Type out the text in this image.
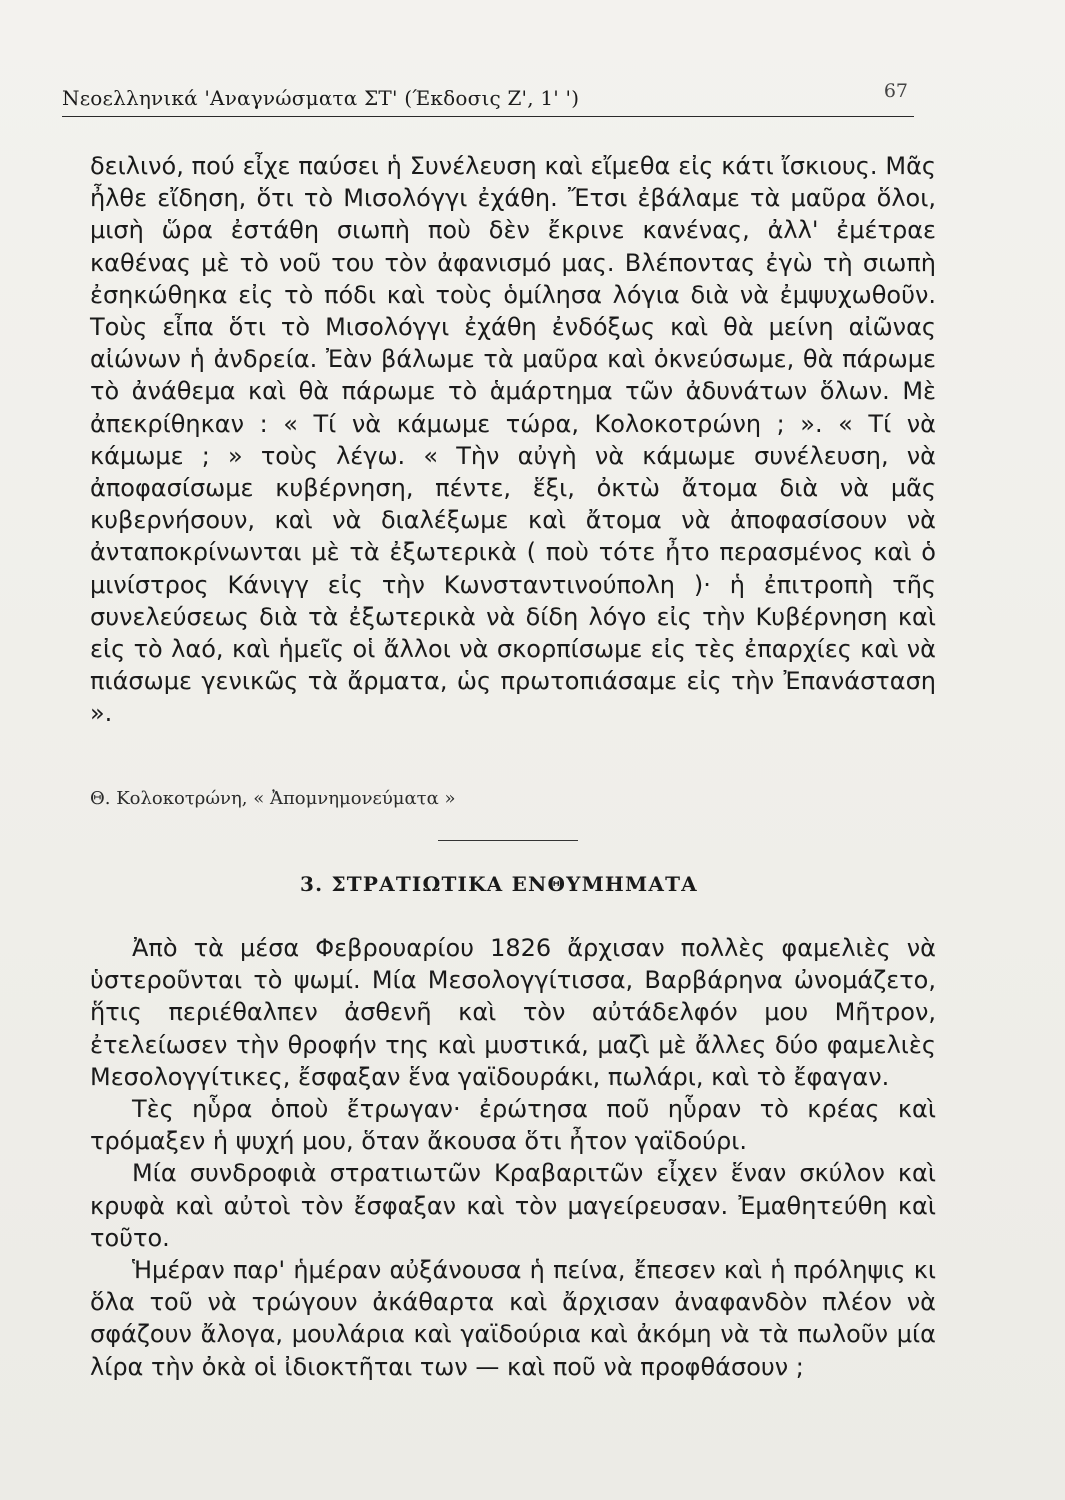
Νεοελληνικά 'Αναγνώσματα ΣΤ' (Έκδοσις Ζ', 1' ')	67

δειλινό, πού εἶχε παύσει ἡ Συνέλευση καὶ εἴμεθα εἰς κάτι ἴσκιους. Μᾶς ἦλθε εἴδηση, ὅτι τὸ Μισολόγγι ἐχάθη. Ἔτσι ἐβάλαμε τὰ μαῦρα ὅλοι, μισὴ ὥρα ἐστάθη σιωπὴ ποὺ δὲν ἔκρινε κανένας, ἀλλ' ἐμέτραε καθένας μὲ τὸ νοῦ του τὸν ἀφανισμό μας. Βλέποντας ἐγὼ τὴ σιωπὴ ἐσηκώθηκα εἰς τὸ πόδι καὶ τοὺς ὁμίλησα λόγια διὰ νὰ ἐμψυχωθοῦν. Τοὺς εἶπα ὅτι τὸ Μισολόγγι ἐχάθη ἐνδόξως καὶ θὰ μείνη αἰῶνας αἰώνων ἡ ἀνδρεία. Ἐὰν βάλωμε τὰ μαῦρα καὶ ὀκνεύσωμε, θὰ πάρωμε τὸ ἀνάθεμα καὶ θὰ πάρωμε τὸ ἁμάρτημα τῶν ἀδυνάτων ὅλων. Μὲ ἀπεκρίθηκαν : « Τί νὰ κάμωμε τώρα, Κολοκοτρώνη ; ». « Τί νὰ κάμωμε ; » τοὺς λέγω. « Τὴν αὐγὴ νὰ κάμωμε συνέλευση, νὰ ἀποφασίσωμε κυβέρνηση, πέντε, ἕξι, ὀκτὼ ἄτομα διὰ νὰ μᾶς κυβερνήσουν, καὶ νὰ διαλέξωμε καὶ ἄτομα νὰ ἀποφασίσουν νὰ ἀνταποκρίνωνται μὲ τὰ ἐξωτερικὰ ( ποὺ τότε ἦτο περασμένος καὶ ὁ μινίστρος Κάνιγγ εἰς τὴν Κωνσταντινούπολη )· ἡ ἐπιτροπὴ τῆς συνελεύσεως διὰ τὰ ἐξωτερικὰ νὰ δίδη λόγο εἰς τὴν Κυβέρνηση καὶ εἰς τὸ λαό, καὶ ἡμεῖς οἱ ἄλλοι νὰ σκορπίσωμε εἰς τὲς ἐπαρχίες καὶ νὰ πιάσωμε γενικῶς τὰ ἄρματα, ὡς πρωτοπιάσαμε εἰς τὴν Ἐπανάσταση ».

Θ. Κολοκοτρώνη, « Ἀπομνημονεύματα »
3. ΣΤΡΑΤΙΩΤΙΚΑ ΕΝΘΥΜΗΜΑΤΑ

Ἀπὸ τὰ μέσα Φεβρουαρίου 1826 ἄρχισαν πολλὲς φαμελιὲς νὰ ὑστεροῦνται τὸ ψωμί. Μία Μεσολογγίτισσα, Βαρβάρηνα ὠνομάζετο, ἥτις περιέθαλπεν ἀσθενῆ καὶ τὸν αὐτάδελφόν μου Μῆτρον, ἐτελείωσεν τὴν θροφήν της καὶ μυστικά, μαζὶ μὲ ἄλλες δύο φαμελιὲς Μεσολογγίτικες, ἔσφαξαν ἕνα γαϊδουράκι, πωλάρι, καὶ τὸ ἔφαγαν.

Τὲς ηὗρα ὁποὺ ἔτρωγαν· ἐρώτησα ποῦ ηὗραν τὸ κρέας καὶ τρόμαξεν ἡ ψυχή μου, ὅταν ἄκουσα ὅτι ἦτον γαϊδούρι.

Μία συνδροφιὰ στρατιωτῶν Κραβαριτῶν εἶχεν ἕναν σκύλον καὶ κρυφὰ καὶ αὐτοὶ τὸν ἔσφαξαν καὶ τὸν μαγείρευσαν. Ἐμαθητεύθη καὶ τοῦτο.

Ἡμέραν παρ' ἡμέραν αὐξάνουσα ἡ πείνα, ἔπεσεν καὶ ἡ πρόληψις κι ὅλα τοῦ νὰ τρώγουν ἀκάθαρτα καὶ ἄρχισαν ἀναφανδὸν πλέον νὰ σφάζουν ἄλογα, μουλάρια καὶ γαϊδούρια καὶ ἀκόμη νὰ τὰ πωλοῦν μία λίρα τὴν ὀκὰ οἱ ἰδιοκτῆται των — καὶ ποῦ νὰ προφθάσουν ;
